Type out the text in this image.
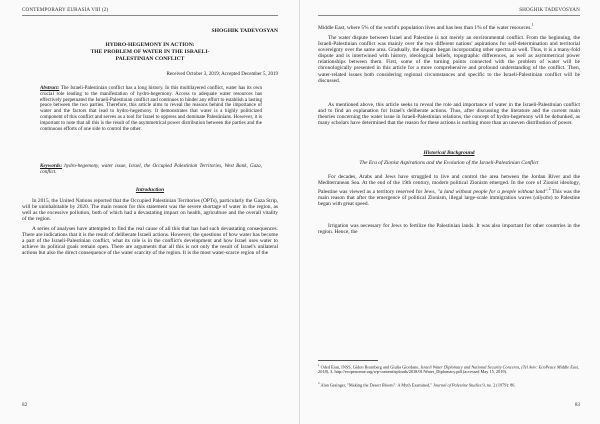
CONTEMPORARY EURASIA VIII (2)

SHOGHIK TADEVOSYAN

HYDRO-HEGEMONY IN ACTION:

THE PROBLEM OF WATER IN THE ISRAELI-

PALESTINIAN CONFLICT

Received October 3, 2019; Accepted December 5, 2019

Abstract: The Israeli-Palestinian conflict has a long history. In this multilayered conflict, water has its own crucial role leading to the manifestation of hydro-hegemony. Access to adequate water resources has effectively perpetuated the Israeli-Palestinian conflict and continues to hinder any effort to establish a lasting peace between the two parties. Therefore, this article aims to reveal the reasons behind the importance of water and the factors that lead to hydro-hegemony. It demonstrates that water is a highly politicized component of this conflict and serves as a tool for Israel to oppress and dominate Palestinians. However, it is important to note that all this is the result of the asymmetrical power distribution between the parties and the continuous efforts of one side to control the other.

Keywords: hydro-hegemony, water issue, Israel, the Occupied Palestinian Territories, West Bank, Gaza, conflict.

Introduction

In 2015, the United Nations reported that the Occupied Palestinian Territories (OPTs), particularly the Gaza Strip, will be uninhabitable by 2020. The main reason for this statement was the severe shortage of water in the region, as well as the excessive pollution, both of which had a devastating impact on health, agriculture and the overall vitality of the region.

A series of analyses have attempted to find the real cause of all this that has had such devastating consequences. There are indications that it is the result of deliberate Israeli actions. However, the questions of how water has become a part of the Israeli-Palestinian conflict, what its role is in the conflict's development and how Israel uses water to achieve its political goals remain open. There are arguments that all this is not only the result of Israel's unilateral actions but also the direct consequence of the water scarcity of the region. It is the most water-scarce region of the

82
SHOGHIK TADEVOSYAN

Middle East, where 5% of the world's population lives and has less than 1% of the water resources.$^1$

The water dispute between Israel and Palestine is not merely an environmental conflict. From the beginning, the Israeli-Palestinian conflict was mainly over the two different nations' aspirations for self-determination and territorial sovereignty over the same area. Gradually, the dispute began incorporating other spectra as well. Thus, it is a many-fold dispute and is intertwined with history, ideological beliefs, topographic differences, as well as asymmetrical power relationships between them. First, some of the turning points connected with the problem of water will be chronologically presented in this article for a more comprehensive and profound understanding of the conflict. Then, water-related issues both considering regional circumstances and specific to the Israeli-Palestinian conflict will be discussed.

As mentioned above, this article seeks to reveal the role and importance of water in the Israeli-Palestinian conflict and to find an explanation for Israel's deliberate actions. Thus, after discussing the literature and the current main theories concerning the water issue in Israeli-Palestinian relations, the concept of hydro-hegemony will be debunked, as many scholars have determined that the reason for these actions is nothing more than an uneven distribution of power.

Historical Background

The Era of Zionist Aspirations and the Evolution of the Israeli-Palestinian Conflict

For decades, Arabs and Jews have struggled to live and control the area between the Jordan River and the Mediterranean Sea. At the end of the 19th century, modern political Zionism emerged. In the core of Zionist ideology, Palestine was viewed as a territory reserved for Jews, "a land without people for a people without land".$^2$ This was the main reason that after the emergence of political Zionism, illegal large-scale immigration waves (aliyahs) to Palestine began with great speed.

Irrigation was necessary for Jews to fertilize the Palestinian lands. It was also important for other countries in the region. Hence, the

$^1$ Oded Eran, INSS, Gidon Bromberg and Giulia Giordano, Israeli Water Diplomacy and National Security Concerns, (Tel Aviv: EcoPeace Middle East, 2018), 3, http://ecopeaceme.org/wp-content/uploads/2018/01/Water_Diplomacy.pdf (accessed May 15, 2019).

$^2$ Alan Grainger, "Making the Desert Bloom": A Myth Examined," Journal of Palestine Studies 9, no. 2 (1979): 86.

83
